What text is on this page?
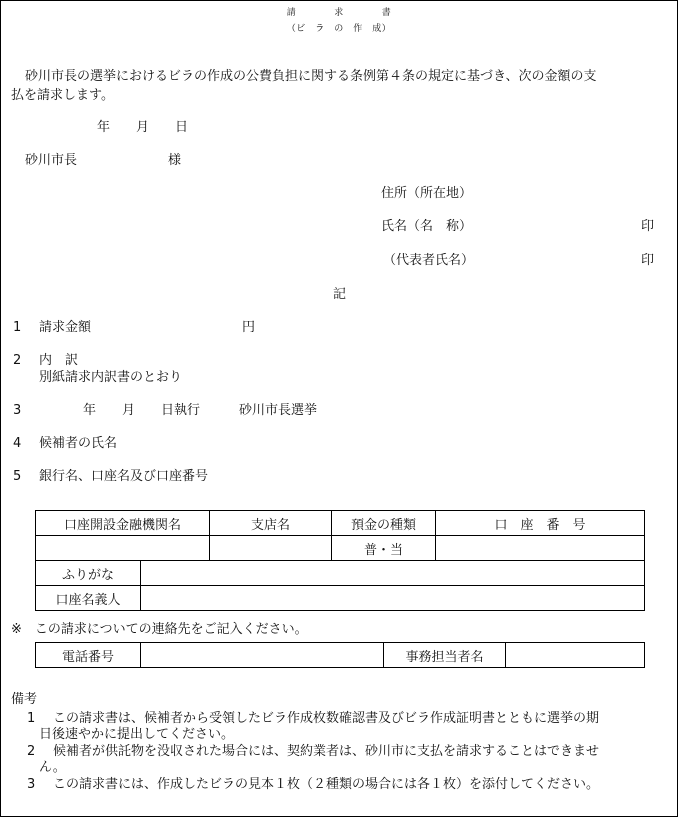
請　　　　求　　　　書
（ビ　ラ　の　作　成）
砂川市長の選挙におけるビラの作成の公費負担に関する条例第４条の規定に基づき、次の金額の支
払を請求します。
年　　月　　日
砂川市長　　　　　　　様
住所（所在地）
氏名（名　称）	印
（代表者氏名）	印
記
1 請求金額	円
2 内　訳
別紙請求内訳書のとおり
3	年　　月　　日執行　　　砂川市長選挙
4 候補者の氏名
5 銀行名、口座名及び口座番号
口座開設金融機関名		支店名	預金の種類	口　座　番　号
			普・当	
ふりがな				
口座名義人				
※　この請求についての連絡先をご記入ください。
電話番号		事務担当者名	
備考
1 この請求書は、候補者から受領したビラ作成枚数確認書及びビラ作成証明書とともに選挙の期
日後速やかに提出してください。
2 候補者が供託物を没収された場合には、契約業者は、砂川市に支払を請求することはできませ
ん。
3 この請求書には、作成したビラの見本１枚（２種類の場合には各１枚）を添付してください。
